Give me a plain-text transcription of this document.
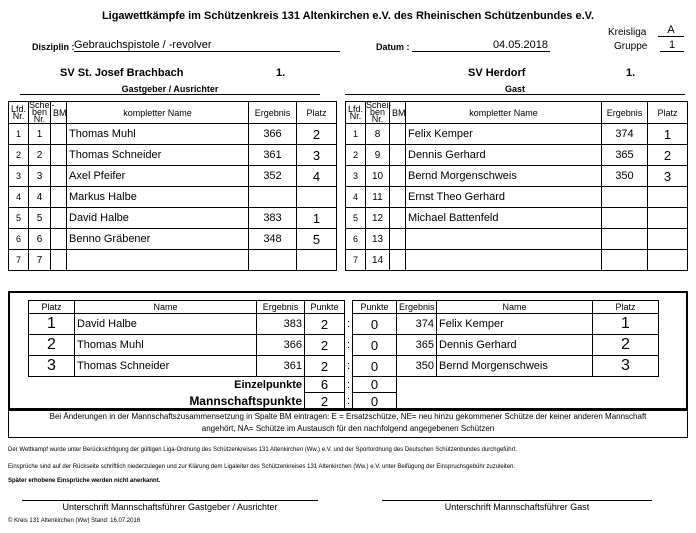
Ligawettkämpfe im Schützenkreis 131 Altenkirchen e.V. des Rheinischen Schützenbundes e.V.
Kreisliga	A
Disziplin : Gebrauchspistole / -revolver	Datum :	04.05.2018	Gruppe	1
SV St. Josef Brachbach	1.
Gastgeber / Ausrichter
SV Herdorf	1.
Gast
Lfd. Nr.	Schei- ben Nr.	BM	kompletter Name	Ergebnis	Platz
1	1		Thomas Muhl	366	2
2	2		Thomas Schneider	361	3
3	3		Axel Pfeifer	352	4
4	4		Markus Halbe		
5	5		David Halbe	383	1
6	6		Benno Gräbener	348	5
7	7				
Lfd. Nr.	Schei- ben Nr.	BM	kompletter Name	Ergebnis	Platz
1	8		Felix Kemper	374	1
2	9		Dennis Gerhard	365	2
3	10		Bernd Morgenschweis	350	3
4	11		Ernst Theo Gerhard		
5	12		Michael Battenfeld		
6	13				
7	14				
Platz	Name	Ergebnis	Punkte		Punkte	Ergebnis	Name	Platz
1	David Halbe	383	2	:	0	374	Felix Kemper	1
2	Thomas Muhl	366	2	:	0	365	Dennis Gerhard	2
3	Thomas Schneider	361	2	:	0	350	Bernd Morgenschweis	3
Einzelpunkte			6	:	0			
Mannschaftspunkte			2	:	0			
Bei Änderungen in der Mannschaftszusammensetzung in Spalte BM eintragen: E = Ersatzschütze, NE= neu hinzu gekommener Schütze der keiner anderen Mannschaft
angehört, NA= Schütze im Austausch für den nachfolgend angegebenen Schützen
Der Wettkampf wurde unter Berücksichtigung der gültigen Liga-Ordnung des Schützenkreises 131 Altenkirchen (Ww.) e.V. und der Sportordnung des Deutschen Schützenbundes durchgeführt.
Einsprüche sind auf der Rückseite schriftlich niederzulegen und zur Klärung dem Ligaleiter des Schützenkreises 131 Altenkirchen (Ww.) e.V. unter Beifügung der Einspruchsgebühr zuzuleiten.
Später erhobene Einsprüche werden nicht anerkannt.
Unterschrift Mannschaftsführer Gastgeber / Ausrichter	Unterschrift Mannschaftsführer Gast
© Kreis 131 Altenkirchen (Ww) Stand: 16.07.2016
